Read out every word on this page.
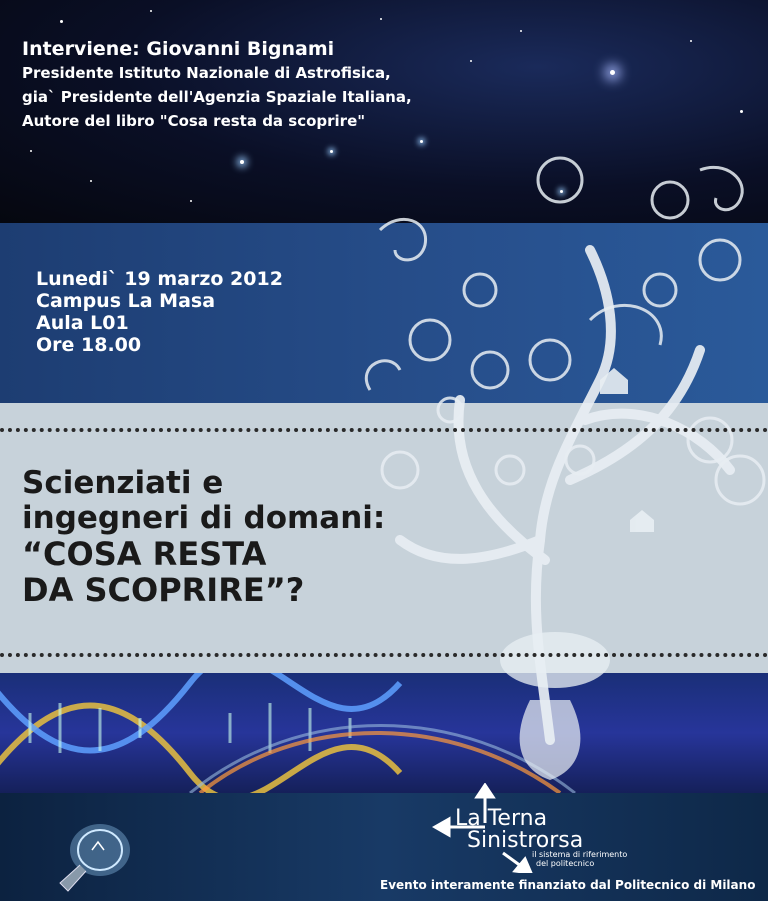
Interviene: Giovanni Bignami

Presidente Istituto Nazionale di Astrofisica,

gia` Presidente dell'Agenzia Spaziale Italiana,

Autore del libro "Cosa resta da scoprire"

Lunedi` 19 marzo 2012

Campus La Masa

Aula L01

Ore 18.00

Scienziati e

ingegneri di domani:

“COSA RESTA

DA SCOPRIRE”?

La Terna

Sinistrorsa

il sistema di riferimento

del politecnico

Evento interamente finanziato dal Politecnico di Milano
